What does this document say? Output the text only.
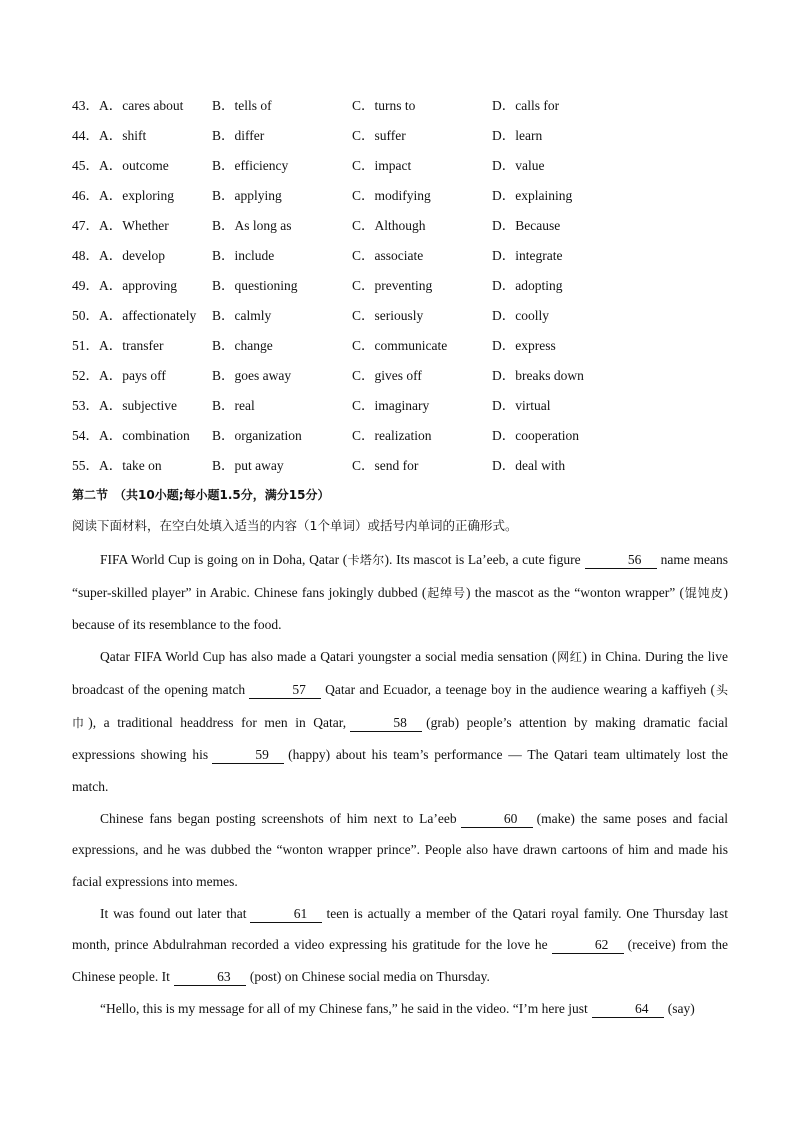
43． A．cares about B．tells of	C．turns to	D．calls for
44． A．shift	B．differ	C．suffer	D．learn
45． A．outcome	B．efficiency	C．impact	D．value
46． A．exploring	B．applying	C．modifying	D．explaining
47． A．Whether	B．As long as	C．Although	D．Because
48． A．develop	B．include	C．associate	D．integrate
49． A．approving	B．questioning	C．preventing	D．adopting
50． A．affectionately B．calmly	C．seriously	D．coolly
51． A．transfer	B．change	C．communicate	D．express
52． A．pays off	B．goes away	C．gives off	D．breaks down
53． A．subjective	B．real	C．imaginary	D．virtual
54． A．combination B．organization	C．realization	D．cooperation
55． A．take on	B．put away	C．send for	D．deal with
第二节　（共10小题;每小题1.5分，满分15分）
阅读下面材料，在空白处填入适当的内容（1个单词）或括号内单词的正确形式。

FIFA World Cup is going on in Doha, Qatar (卡塔尔). Its mascot is La’eeb, a cute figure	56 name means “super-skilled player” in Arabic. Chinese fans jokingly dubbed (起绰号) the mascot as the “wonton wrapper” (馄饨皮) because of its resemblance to the food.

Qatar FIFA World Cup has also made a Qatari youngster a social media sensation (网红) in China. During the live broadcast of the opening match	57 Qatar and Ecuador, a teenage boy in the audience wearing a kaffiyeh (头巾), a traditional headdress for men in Qatar,	58 (grab) people’s attention by making dramatic facial expressions showing his	59 (happy) about his team’s performance — The Qatari team ultimately lost the match.

Chinese fans began posting screenshots of him next to La’eeb	60 (make) the same poses and facial expressions, and he was dubbed the “wonton wrapper prince”. People also have drawn cartoons of him and made his facial expressions into memes.

It was found out later that	61 teen is actually a member of the Qatari royal family. One Thursday last month, prince Abdulrahman recorded a video expressing his gratitude for the love he	62 (receive) from the Chinese people. It	63 (post) on Chinese social media on Thursday.

“Hello, this is my message for all of my Chinese fans,” he said in the video. “I’m here just	64 (say)
